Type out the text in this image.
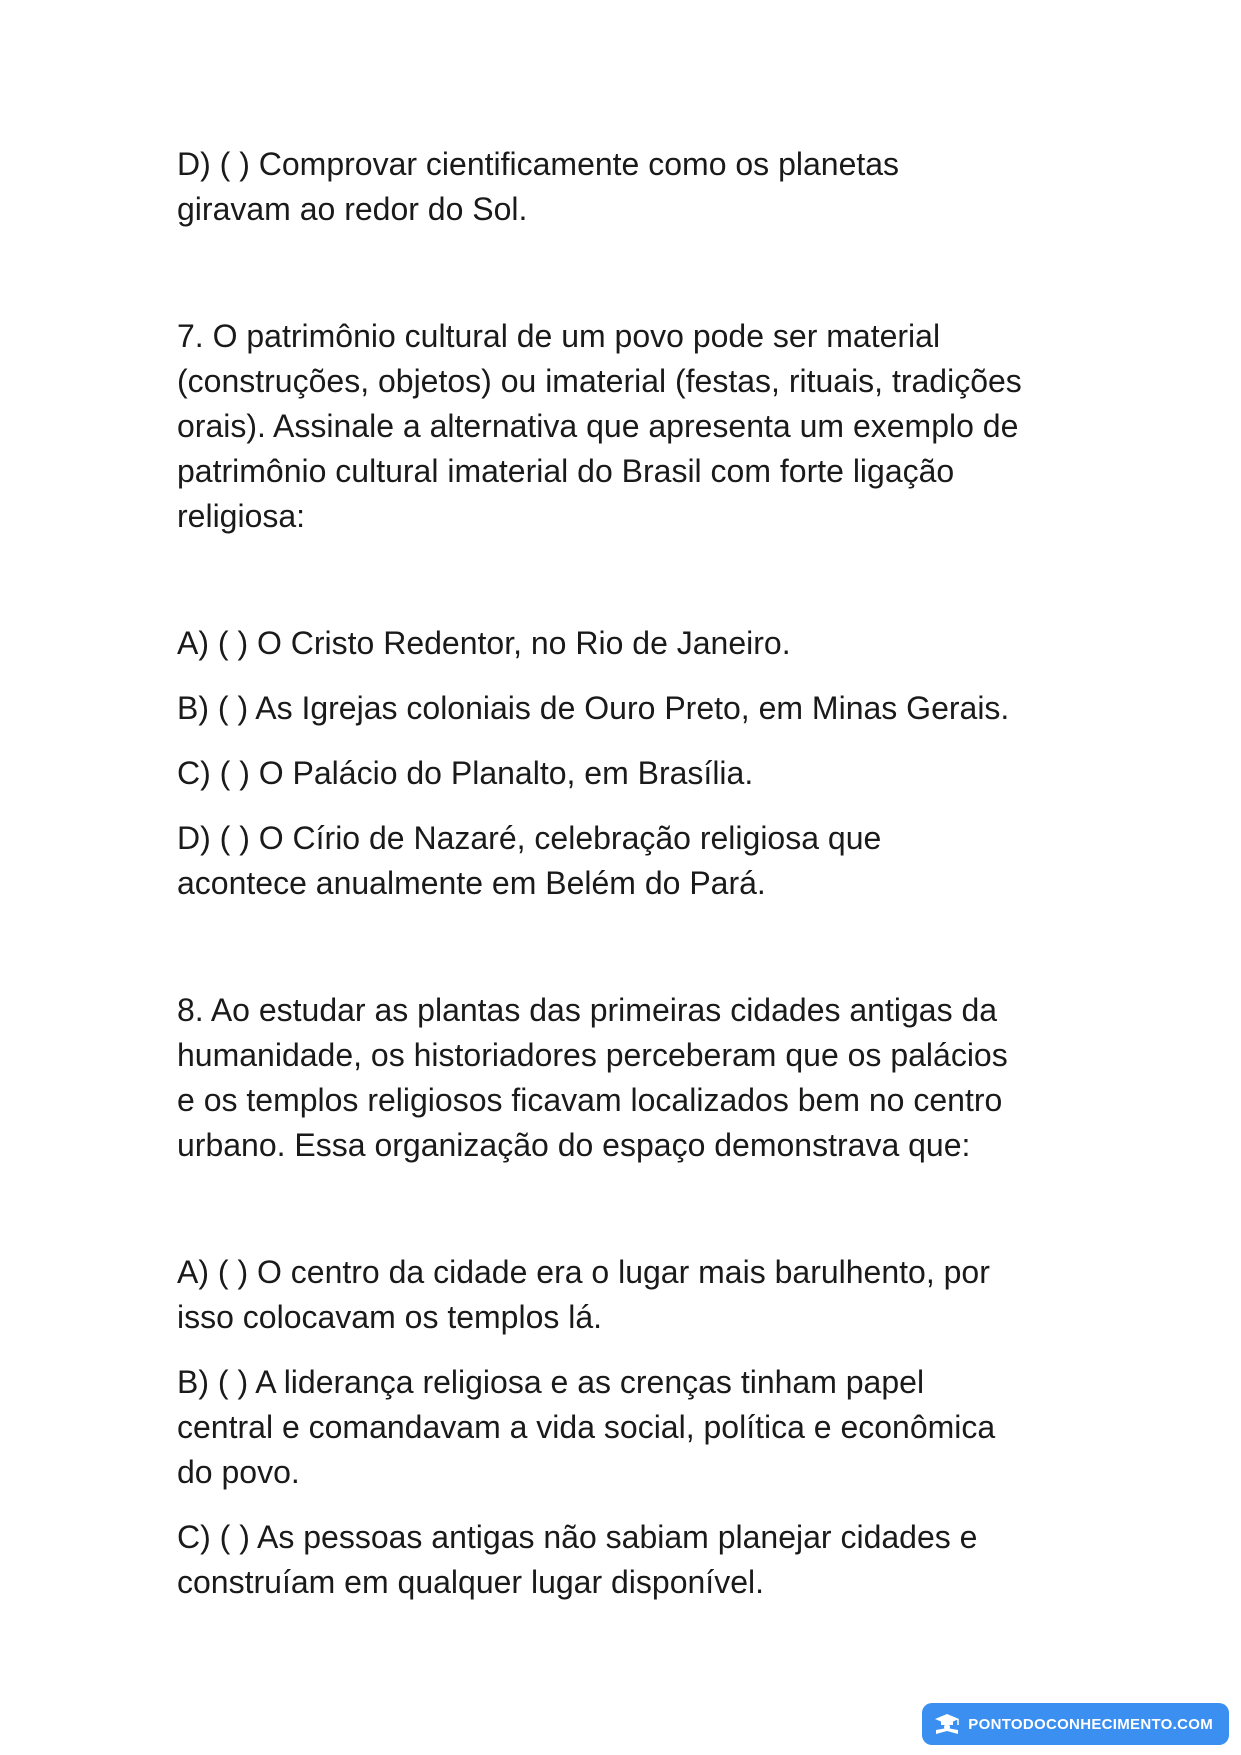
D) ( ) Comprovar cientificamente como os planetas
giravam ao redor do Sol.
7. O patrimônio cultural de um povo pode ser material
(construções, objetos) ou imaterial (festas, rituais, tradições
orais). Assinale a alternativa que apresenta um exemplo de
patrimônio cultural imaterial do Brasil com forte ligação
religiosa:
A) ( ) O Cristo Redentor, no Rio de Janeiro.
B) ( ) As Igrejas coloniais de Ouro Preto, em Minas Gerais.
C) ( ) O Palácio do Planalto, em Brasília.
D) ( ) O Círio de Nazaré, celebração religiosa que
acontece anualmente em Belém do Pará.
8. Ao estudar as plantas das primeiras cidades antigas da
humanidade, os historiadores perceberam que os palácios
e os templos religiosos ficavam localizados bem no centro
urbano. Essa organização do espaço demonstrava que:
A) ( ) O centro da cidade era o lugar mais barulhento, por
isso colocavam os templos lá.
B) ( ) A liderança religiosa e as crenças tinham papel
central e comandavam a vida social, política e econômica
do povo.
C) ( ) As pessoas antigas não sabiam planejar cidades e
construíam em qualquer lugar disponível.
PONTODOCONHECIMENTO.COM
